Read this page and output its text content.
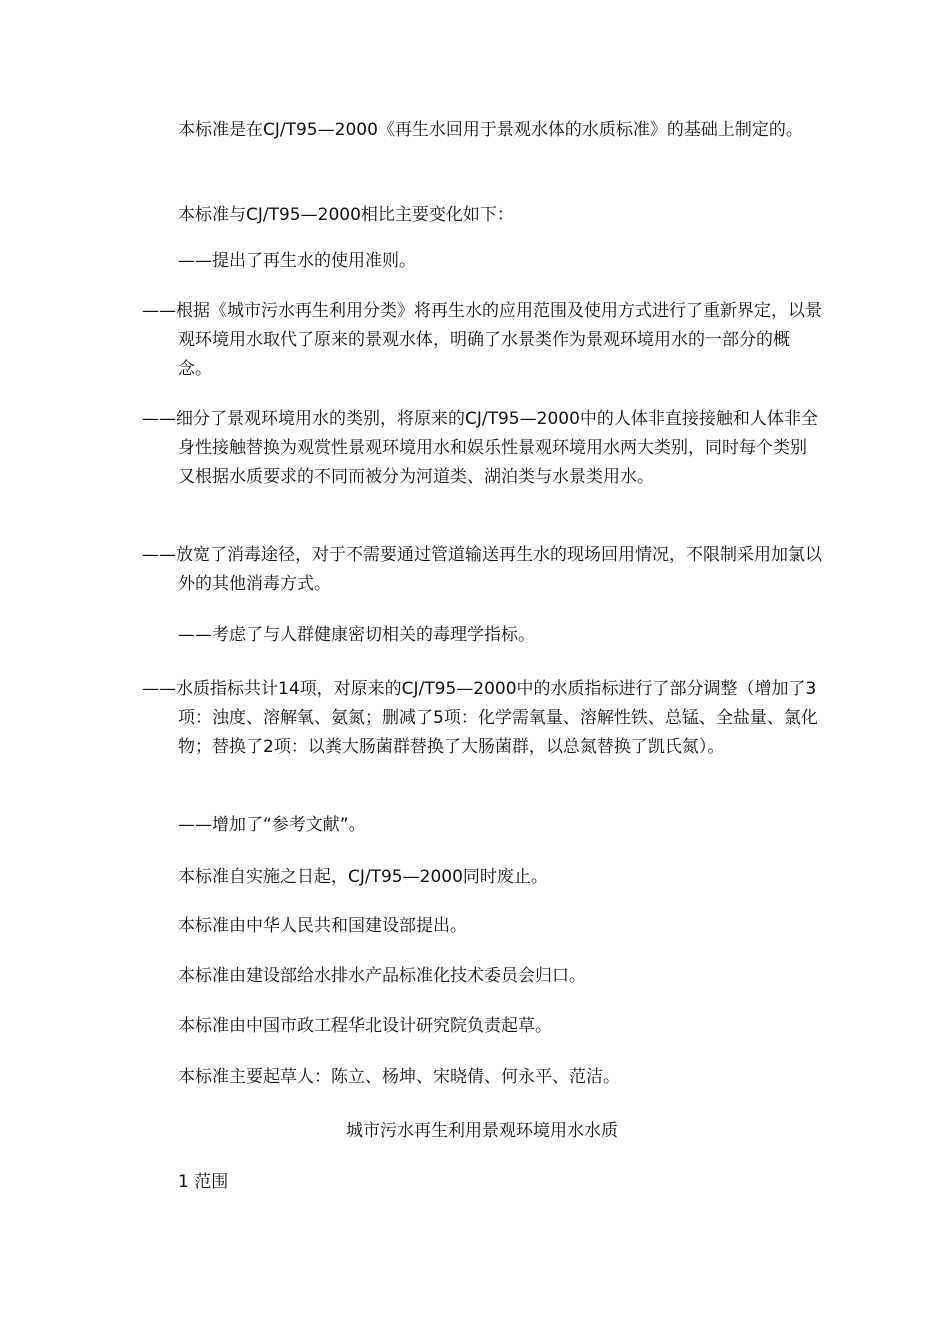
本标准是在CJ/T95—2000《再生水回用于景观水体的水质标准》的基础上制定的。

本标准与CJ/T95—2000相比主要变化如下：

——提出了再生水的使用准则。

——根据《城市污水再生利用分类》将再生水的应用范围及使用方式进行了重新界定，以景观环境用水取代了原来的景观水体，明确了水景类作为景观环境用水的一部分的概念。

——细分了景观环境用水的类别，将原来的CJ/T95—2000中的人体非直接接触和人体非全身性接触替换为观赏性景观环境用水和娱乐性景观环境用水两大类别，同时每个类别又根据水质要求的不同而被分为河道类、湖泊类与水景类用水。

——放宽了消毒途径，对于不需要通过管道输送再生水的现场回用情况，不限制采用加氯以外的其他消毒方式。

——考虑了与人群健康密切相关的毒理学指标。

——水质指标共计14项，对原来的CJ/T95—2000中的水质指标进行了部分调整（增加了3项：浊度、溶解氧、氨氮；删减了5项：化学需氧量、溶解性铁、总锰、全盐量、氯化物；替换了2项：以粪大肠菌群替换了大肠菌群，以总氮替换了凯氏氮）。

——增加了“参考文献”。

本标准自实施之日起，CJ/T95—2000同时废止。

本标准由中华人民共和国建设部提出。

本标准由建设部给水排水产品标准化技术委员会归口。

本标准由中国市政工程华北设计研究院负责起草。

本标准主要起草人：陈立、杨坤、宋晓倩、何永平、范洁。

城市污水再生利用景观环境用水水质

1 范围
